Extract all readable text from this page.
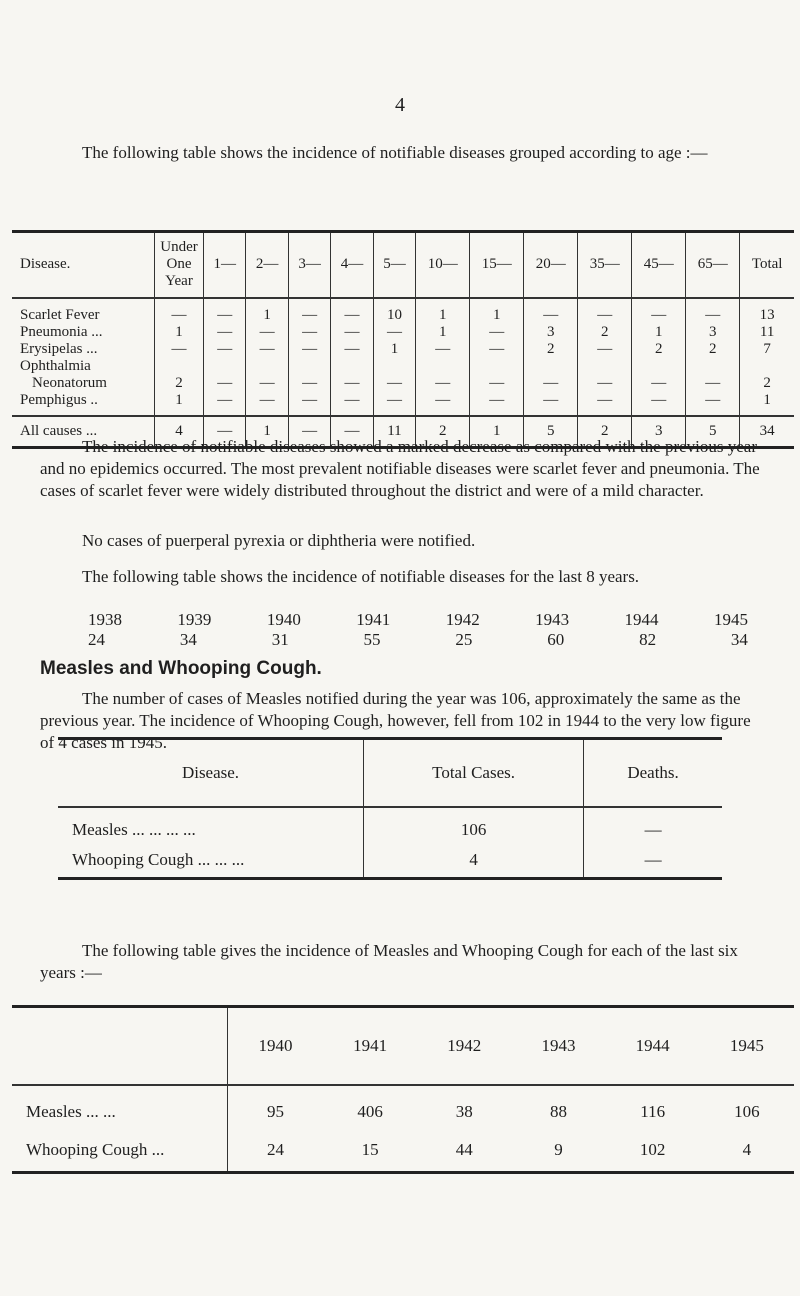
4

The following table shows the incidence of notifiable diseases grouped according to age :—

Disease.	Under One Year	1—	2—	3—	4—	5—	10—	15—	20—	35—	45—	65—	Total
Scarlet Fever	—	—	1	—	—	10	1	1	—	—	—	—	13
Pneumonia ...	1	—	—	—	—	—	1	—	3	2	1	3	11
Erysipelas ...	—	—	—	—	—	1	—	—	2	—	2	2	7
Ophthalmia													
Neonatorum	2	—	—	—	—	—	—	—	—	—	—	—	2
Pemphigus ..	1	—	—	—	—	—	—	—	—	—	—	—	1
All causes ...	4	—	1	—	—	11	2	1	5	2	3	5	34

The incidence of notifiable diseases showed a marked decrease as compared with the previous year and no epidemics occurred. The most prevalent notifiable diseases were scarlet fever and pneumonia. The cases of scarlet fever were widely distributed throughout the district and were of a mild character.

No cases of puerperal pyrexia or diphtheria were notified.

The following table shows the incidence of notifiable diseases for the last 8 years.

1938	1939	1940	1941	1942	1943	1944	1945
24	34	31	55	25	60	82	34
Measles and Whooping Cough.

The number of cases of Measles notified during the year was 106, approximately the same as the previous year. The incidence of Whooping Cough, however, fell from 102 in 1944 to the very low figure of 4 cases in 1945.

Disease.	Total Cases.	Deaths.
Measles ... ... ... ...	106	—
Whooping Cough ... ... ...	4	—

The following table gives the incidence of Measles and Whooping Cough for each of the last six years :—

	1940	1941	1942	1943	1944	1945
Measles ... ...	95	406	38	88	116	106
Whooping Cough ...	24	15	44	9	102	4
